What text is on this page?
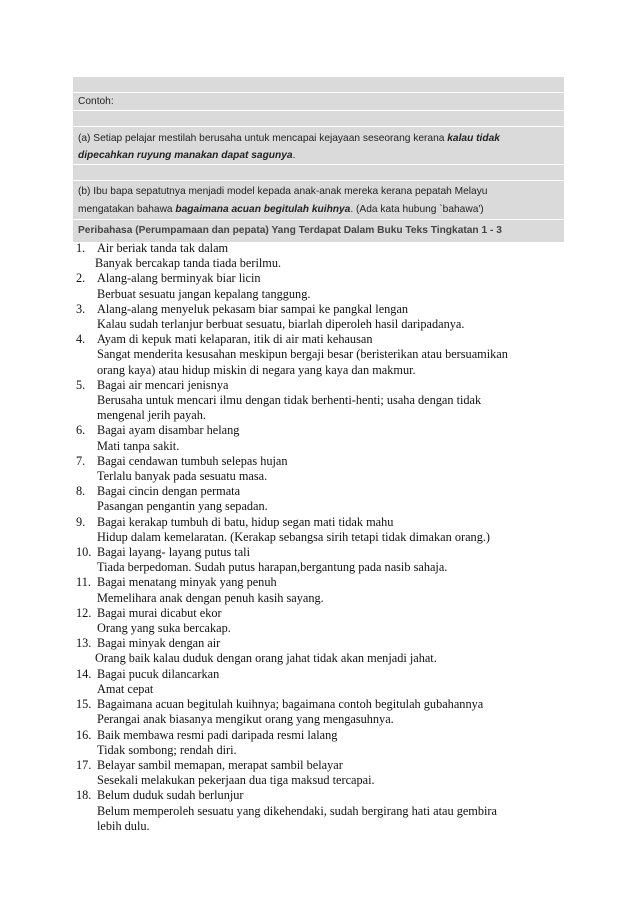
Contoh:
(a) Setiap pelajar mestilah berusaha untuk mencapai kejayaan seseorang kerana kalau tidak
dipecahkan ruyung manakan dapat sagunya.
(b) Ibu bapa sepatutnya menjadi model kepada anak-anak mereka kerana pepatah Melayu
mengatakan bahawa bagaimana acuan begitulah kuihnya. (Ada kata hubung `bahawa')
Peribahasa (Perumpamaan dan pepata) Yang Terdapat Dalam Buku Teks Tingkatan 1 - 3
1. Air beriak tanda tak dalam
Banyak bercakap tanda tiada berilmu.
2. Alang-alang berminyak biar licin
Berbuat sesuatu jangan kepalang tanggung.
3. Alang-alang menyeluk pekasam biar sampai ke pangkal lengan
Kalau sudah terlanjur berbuat sesuatu, biarlah diperoleh hasil daripadanya.
4. Ayam di kepuk mati kelaparan, itik di air mati kehausan
Sangat menderita kesusahan meskipun bergaji besar (beristerikan atau bersuamikan
orang kaya) atau hidup miskin di negara yang kaya dan makmur.
5. Bagai air mencari jenisnya
Berusaha untuk mencari ilmu dengan tidak berhenti-henti; usaha dengan tidak
mengenal jerih payah.
6. Bagai ayam disambar helang
Mati tanpa sakit.
7. Bagai cendawan tumbuh selepas hujan
Terlalu banyak pada sesuatu masa.
8. Bagai cincin dengan permata
Pasangan pengantin yang sepadan.
9. Bagai kerakap tumbuh di batu, hidup segan mati tidak mahu
Hidup dalam kemelaratan. (Kerakap sebangsa sirih tetapi tidak dimakan orang.)
10. Bagai layang- layang putus tali
Tiada berpedoman. Sudah putus harapan,bergantung pada nasib sahaja.
11. Bagai menatang minyak yang penuh
Memelihara anak dengan penuh kasih sayang.
12. Bagai murai dicabut ekor
Orang yang suka bercakap.
13. Bagai minyak dengan air
Orang baik kalau duduk dengan orang jahat tidak akan menjadi jahat.
14. Bagai pucuk dilancarkan
Amat cepat
15. Bagaimana acuan begitulah kuihnya; bagaimana contoh begitulah gubahannya
Perangai anak biasanya mengikut orang yang mengasuhnya.
16. Baik membawa resmi padi daripada resmi lalang
Tidak sombong; rendah diri.
17. Belayar sambil memapan, merapat sambil belayar
Sesekali melakukan pekerjaan dua tiga maksud tercapai.
18. Belum duduk sudah berlunjur
Belum memperoleh sesuatu yang dikehendaki, sudah bergirang hati atau gembira
lebih dulu.
